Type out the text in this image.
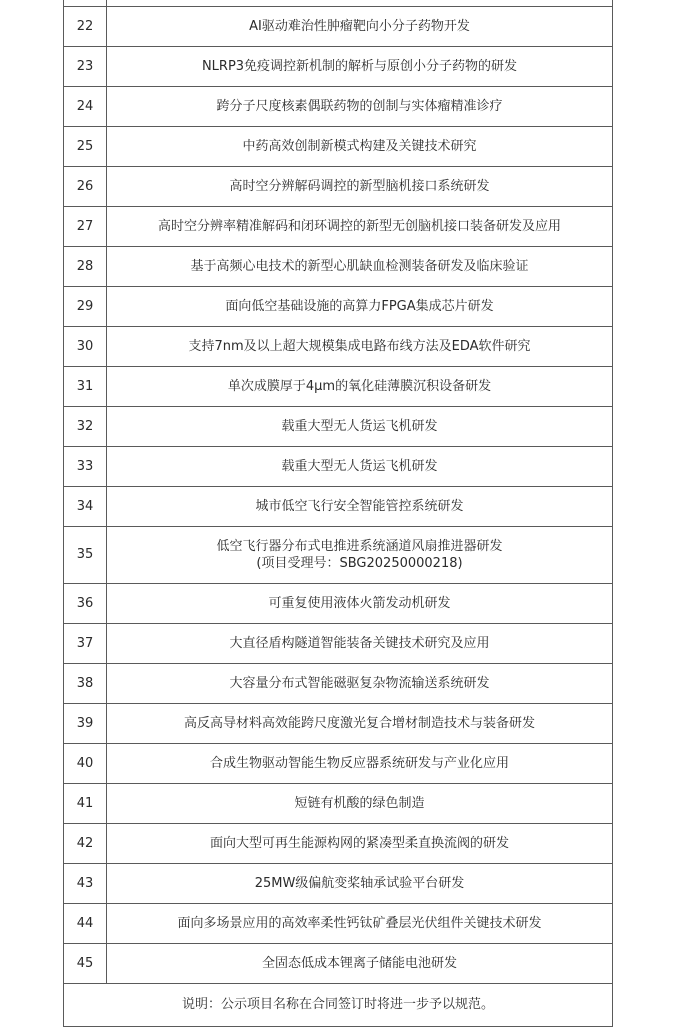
22	AI驱动难治性肿瘤靶向小分子药物开发

23	NLRP3免疫调控新机制的解析与原创小分子药物的研发

24	跨分子尺度核素偶联药物的创制与实体瘤精准诊疗

25	中药高效创制新模式构建及关键技术研究

26	高时空分辨解码调控的新型脑机接口系统研发

27	高时空分辨率精准解码和闭环调控的新型无创脑机接口装备研发及应用

28	基于高频心电技术的新型心肌缺血检测装备研发及临床验证

29	面向低空基础设施的高算力FPGA集成芯片研发

30	支持7nm及以上超大规模集成电路布线方法及EDA软件研究

31	单次成膜厚于4μm的氧化硅薄膜沉积设备研发

32	载重大型无人货运飞机研发

33	载重大型无人货运飞机研发

34	城市低空飞行安全智能管控系统研发

35	低空飞行器分布式电推进系统涵道风扇推进器研发
(项目受理号：SBG20250000218)

36	可重复使用液体火箭发动机研发

37	大直径盾构隧道智能装备关键技术研究及应用

38	大容量分布式智能磁驱复杂物流输送系统研发

39	高反高导材料高效能跨尺度激光复合增材制造技术与装备研发

40	合成生物驱动智能生物反应器系统研发与产业化应用

41	短链有机酸的绿色制造

42	面向大型可再生能源构网的紧凑型柔直换流阀的研发

43	25MW级偏航变桨轴承试验平台研发

44	面向多场景应用的高效率柔性钙钛矿叠层光伏组件关键技术研发

45	全固态低成本锂离子储能电池研发

说明：公示项目名称在合同签订时将进一步予以规范。	
